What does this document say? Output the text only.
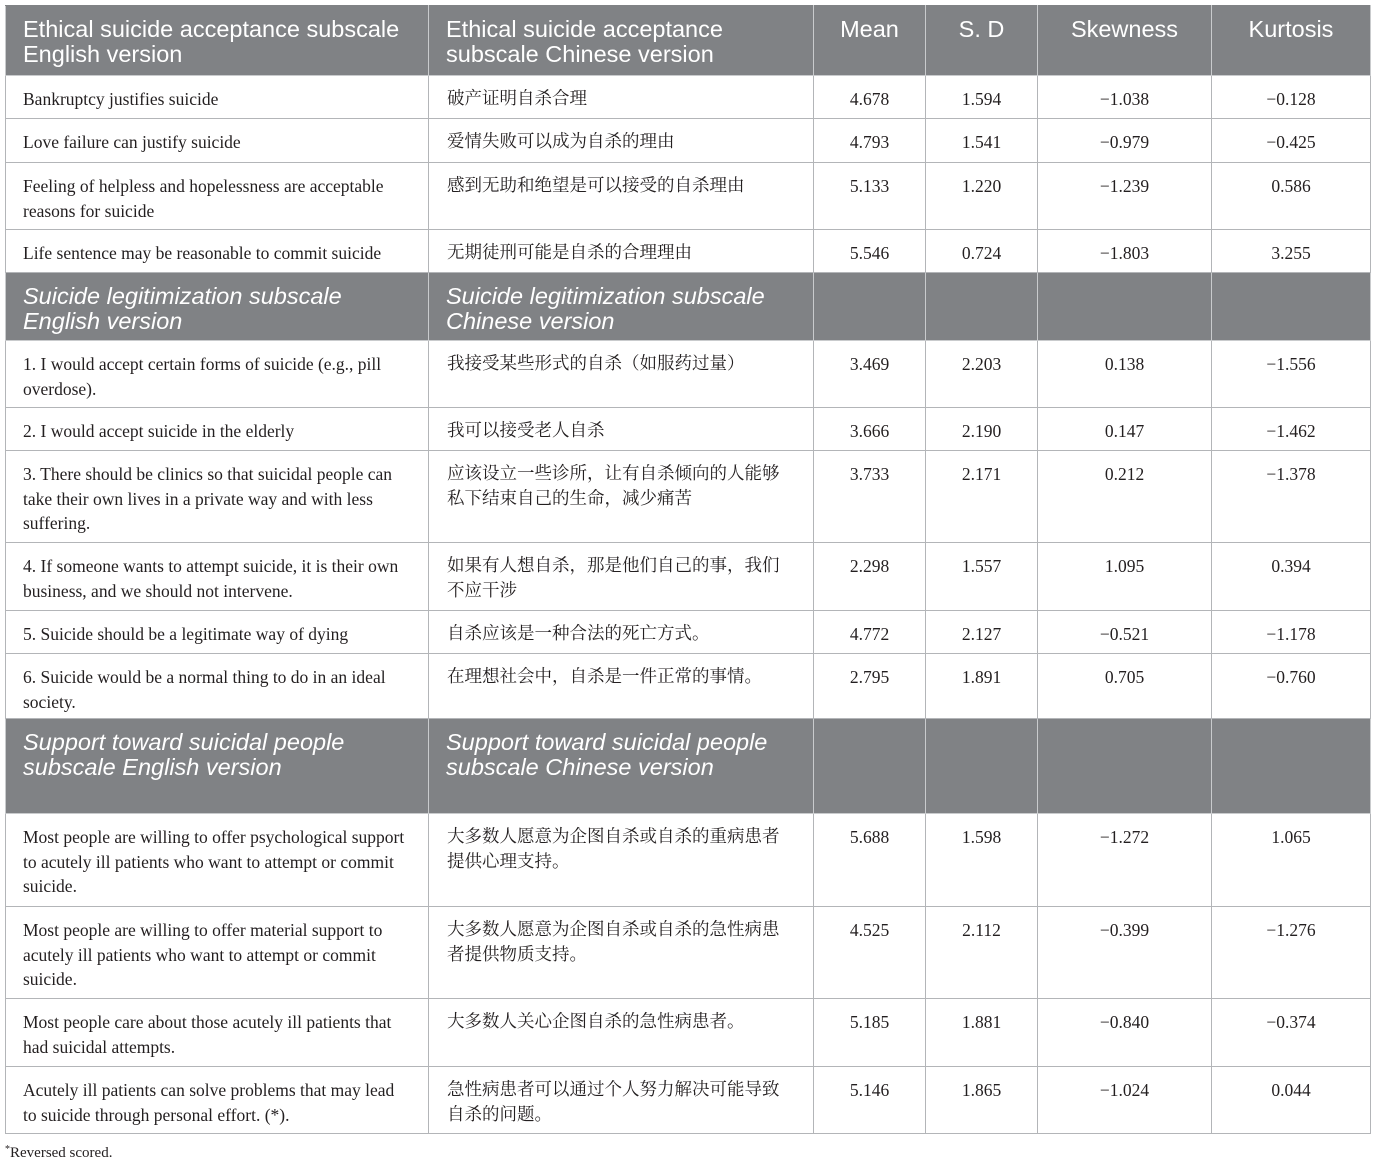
Ethical suicide acceptance subscale English version	Ethical suicide acceptance subscale Chinese version	Mean	S. D	Skewness	Kurtosis
Bankruptcy justifies suicide	破产证明自杀合理	4.678	1.594	−1.038	−0.128
Love failure can justify suicide	爱情失败可以成为自杀的理由	4.793	1.541	−0.979	−0.425
Feeling of helpless and hopelessness are acceptable reasons for suicide	感到无助和绝望是可以接受的自杀理由	5.133	1.220	−1.239	0.586
Life sentence may be reasonable to commit suicide	无期徒刑可能是自杀的合理理由	5.546	0.724	−1.803	3.255
Suicide legitimization subscale English version	Suicide legitimization subscale Chinese version				
1. I would accept certain forms of suicide (e.g., pill overdose).	我接受某些形式的自杀（如服药过量）	3.469	2.203	0.138	−1.556
2. I would accept suicide in the elderly	我可以接受老人自杀	3.666	2.190	0.147	−1.462
3. There should be clinics so that suicidal people can take their own lives in a private way and with less suffering.	应该设立一些诊所，让有自杀倾向的人能够私下结束自己的生命，减少痛苦	3.733	2.171	0.212	−1.378
4. If someone wants to attempt suicide, it is their own business, and we should not intervene.	如果有人想自杀，那是他们自己的事，我们不应干涉	2.298	1.557	1.095	0.394
5. Suicide should be a legitimate way of dying	自杀应该是一种合法的死亡方式。	4.772	2.127	−0.521	−1.178
6. Suicide would be a normal thing to do in an ideal society.	在理想社会中，自杀是一件正常的事情。	2.795	1.891	0.705	−0.760
Support toward suicidal people subscale English version	Support toward suicidal people subscale Chinese version				
Most people are willing to offer psychological support to acutely ill patients who want to attempt or commit suicide.	大多数人愿意为企图自杀或自杀的重病患者提供心理支持。	5.688	1.598	−1.272	1.065
Most people are willing to offer material support to acutely ill patients who want to attempt or commit suicide.	大多数人愿意为企图自杀或自杀的急性病患者提供物质支持。	4.525	2.112	−0.399	−1.276
Most people care about those acutely ill patients that had suicidal attempts.	大多数人关心企图自杀的急性病患者。	5.185	1.881	−0.840	−0.374
Acutely ill patients can solve problems that may lead to suicide through personal effort. (*).	急性病患者可以通过个人努力解决可能导致自杀的问题。	5.146	1.865	−1.024	0.044
*Reversed scored.
